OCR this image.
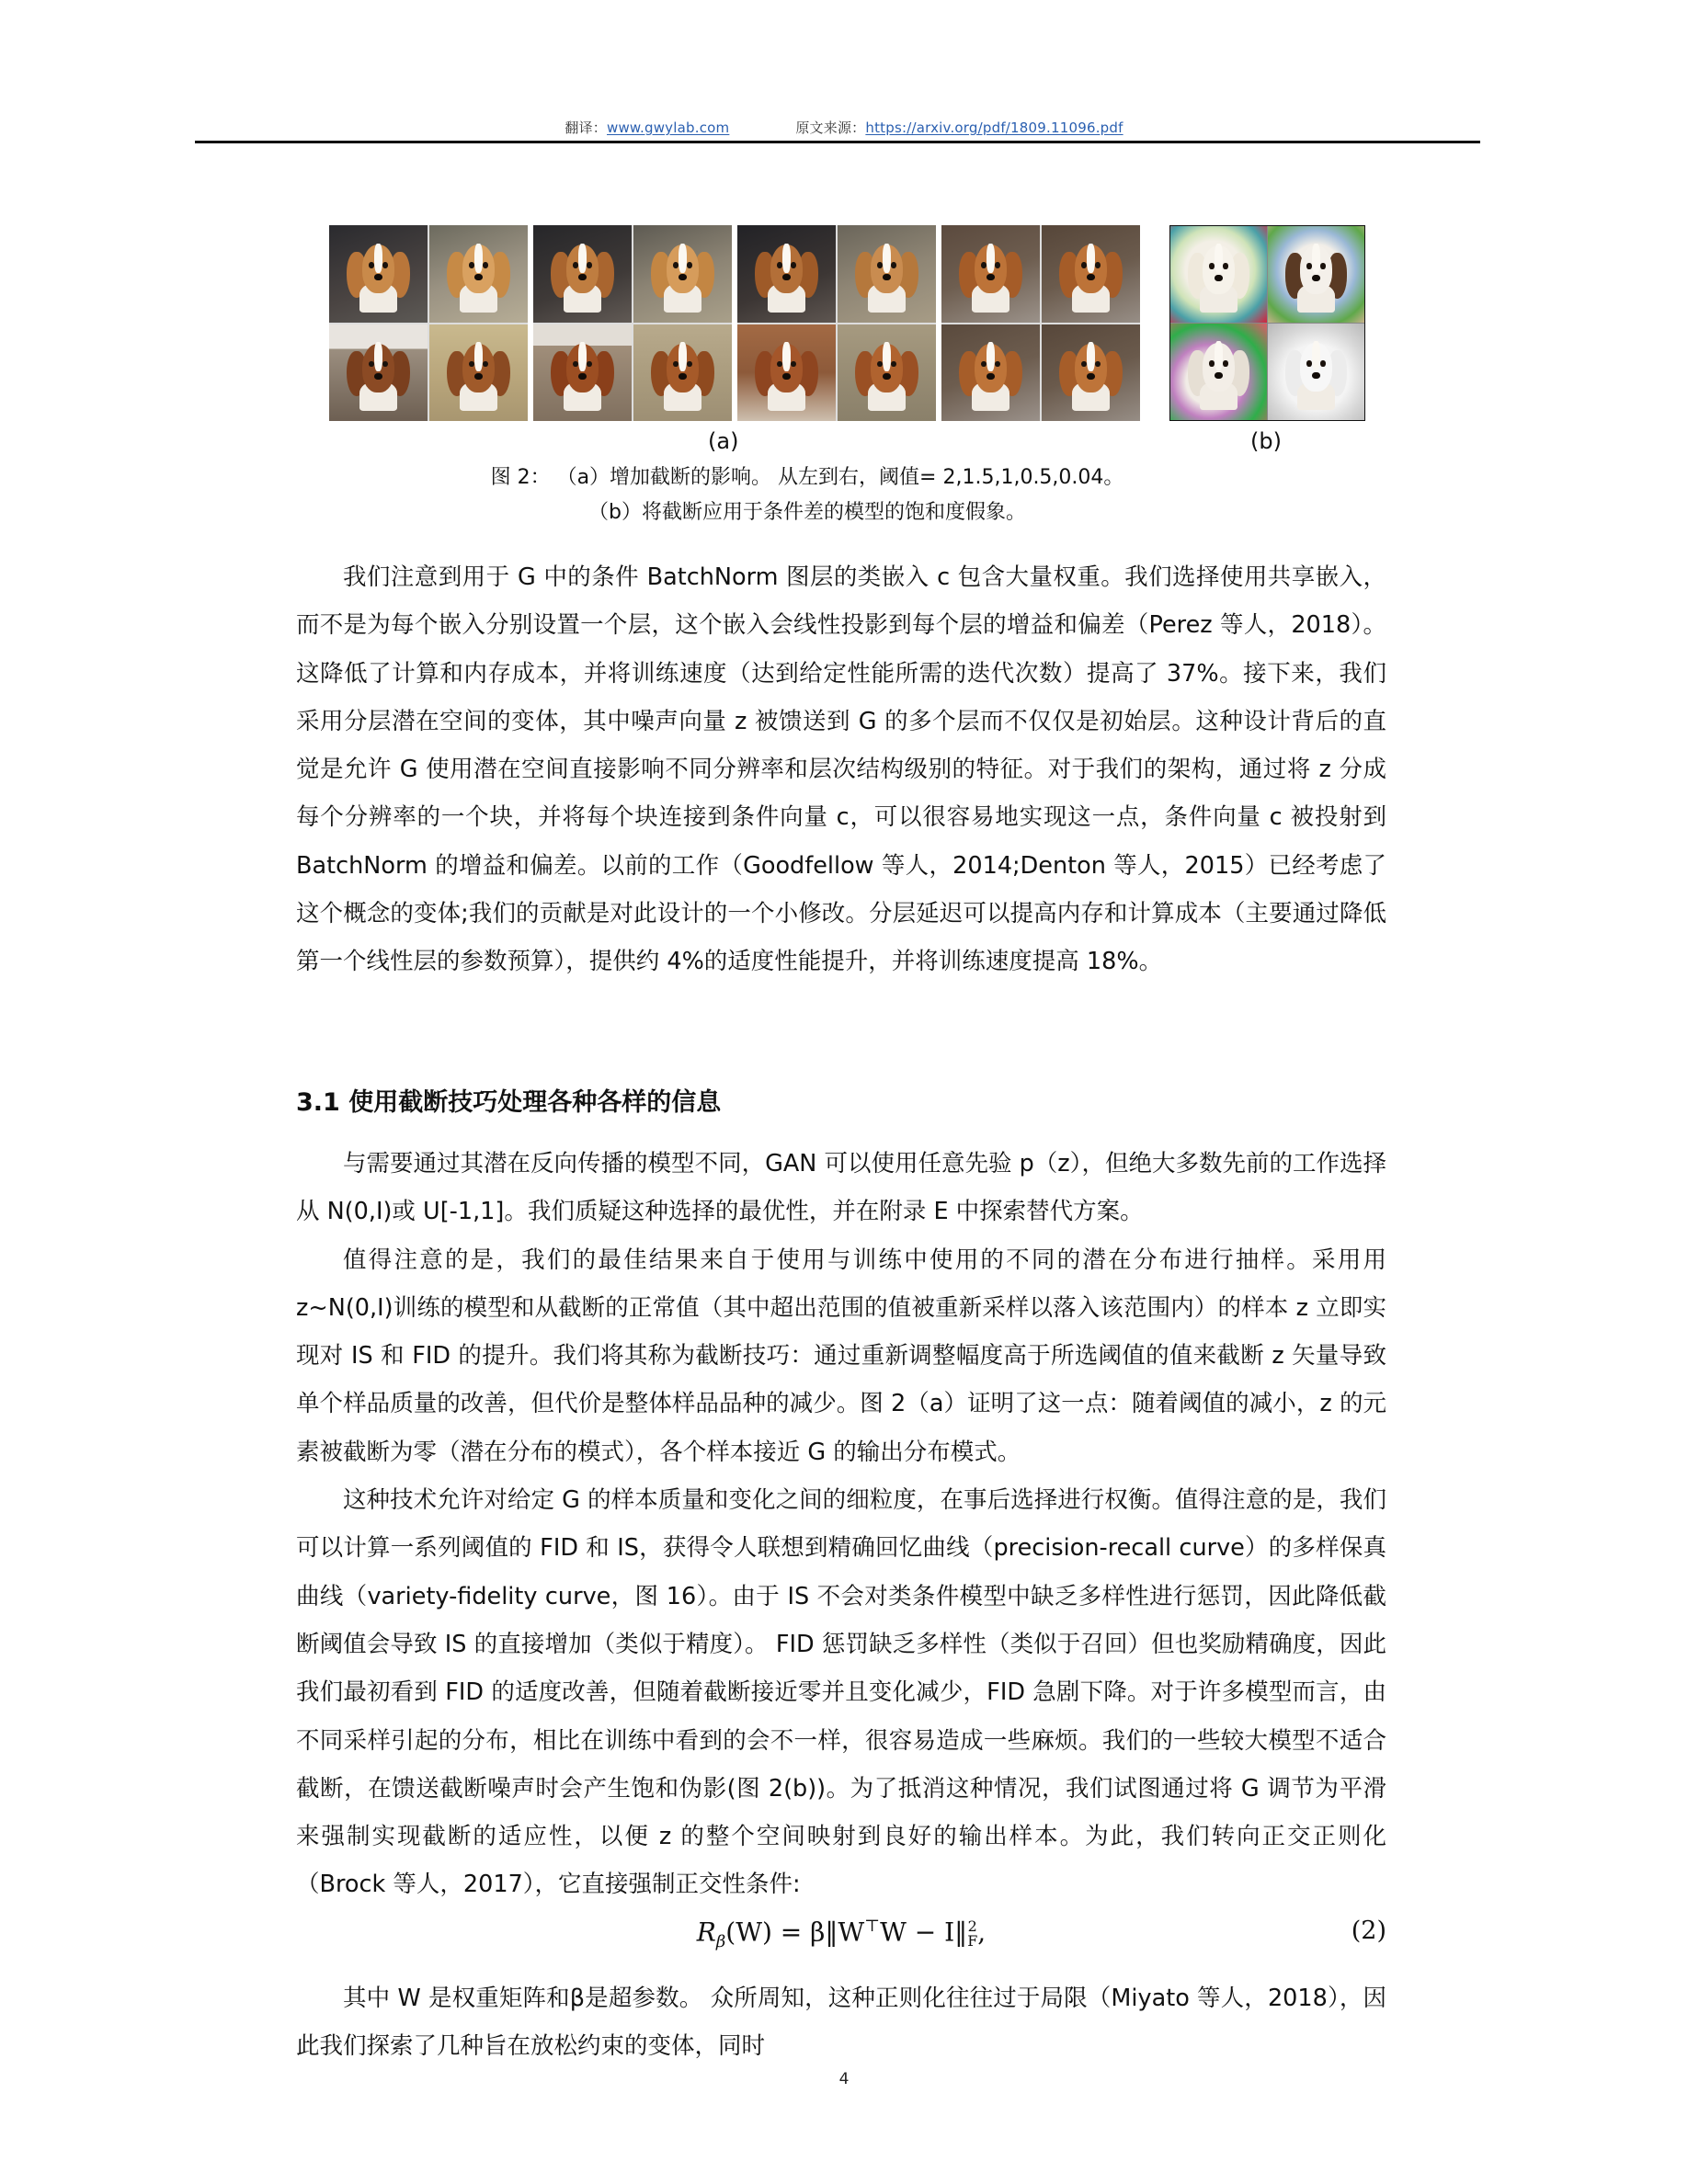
翻译：www.gwylab.com	原文来源：https://arxiv.org/pdf/1809.11096.pdf
(a)	(b)
图 2： （a）增加截断的影响。 从左到右，阈值= 2,1.5,1,0.5,0.04。
（b）将截断应用于条件差的模型的饱和度假象。

我们注意到用于 G 中的条件 BatchNorm 图层的类嵌入 c 包含大量权重。我们选择使用共享嵌入，而不是为每个嵌入分别设置一个层，这个嵌入会线性投影到每个层的增益和偏差（Perez 等人，2018）。这降低了计算和内存成本，并将训练速度（达到给定性能所需的迭代次数）提高了 37%。接下来，我们采用分层潜在空间的变体，其中噪声向量 z 被馈送到 G 的多个层而不仅仅是初始层。这种设计背后的直觉是允许 G 使用潜在空间直接影响不同分辨率和层次结构级别的特征。对于我们的架构，通过将 z 分成每个分辨率的一个块，并将每个块连接到条件向量 c，可以很容易地实现这一点，条件向量 c 被投射到 BatchNorm 的增益和偏差。以前的工作（Goodfellow 等人，2014;Denton 等人，2015）已经考虑了这个概念的变体;我们的贡献是对此设计的一个小修改。分层延迟可以提高内存和计算成本（主要通过降低第一个线性层的参数预算），提供约 4%的适度性能提升，并将训练速度提高 18%。

3.1 使用截断技巧处理各种各样的信息

与需要通过其潜在反向传播的模型不同，GAN 可以使用任意先验 p（z），但绝大多数先前的工作选择从 N(0,I)或 U[-1,1]。我们质疑这种选择的最优性，并在附录 E 中探索替代方案。

值得注意的是，我们的最佳结果来自于使用与训练中使用的不同的潜在分布进行抽样。采用用 z~N(0,I)训练的模型和从截断的正常值（其中超出范围的值被重新采样以落入该范围内）的样本 z 立即实现对 IS 和 FID 的提升。我们将其称为截断技巧：通过重新调整幅度高于所选阈值的值来截断 z 矢量导致单个样品质量的改善，但代价是整体样品品种的减少。图 2（a）证明了这一点：随着阈值的减小，z 的元素被截断为零（潜在分布的模式），各个样本接近 G 的输出分布模式。

这种技术允许对给定 G 的样本质量和变化之间的细粒度，在事后选择进行权衡。值得注意的是，我们可以计算一系列阈值的 FID 和 IS，获得令人联想到精确回忆曲线（precision-recall curve）的多样保真曲线（variety-fidelity curve，图 16）。由于 IS 不会对类条件模型中缺乏多样性进行惩罚，因此降低截断阈值会导致 IS 的直接增加（类似于精度）。 FID 惩罚缺乏多样性（类似于召回）但也奖励精确度，因此我们最初看到 FID 的适度改善，但随着截断接近零并且变化减少，FID 急剧下降。对于许多模型而言，由不同采样引起的分布，相比在训练中看到的会不一样，很容易造成一些麻烦。我们的一些较大模型不适合截断，在馈送截断噪声时会产生饱和伪影(图 2(b))。为了抵消这种情况，我们试图通过将 G 调节为平滑来强制实现截断的适应性，以便 z 的整个空间映射到良好的输出样本。为此，我们转向正交正则化（Brock 等人，2017），它直接强制正交性条件:

$R_\beta(W)$ = β‖W⊤W − I‖ 2
F ,	(2)

其中 W 是权重矩阵和β是超参数。 众所周知，这种正则化往往过于局限（Miyato 等人，2018），因此我们探索了几种旨在放松约束的变体，同时

4
